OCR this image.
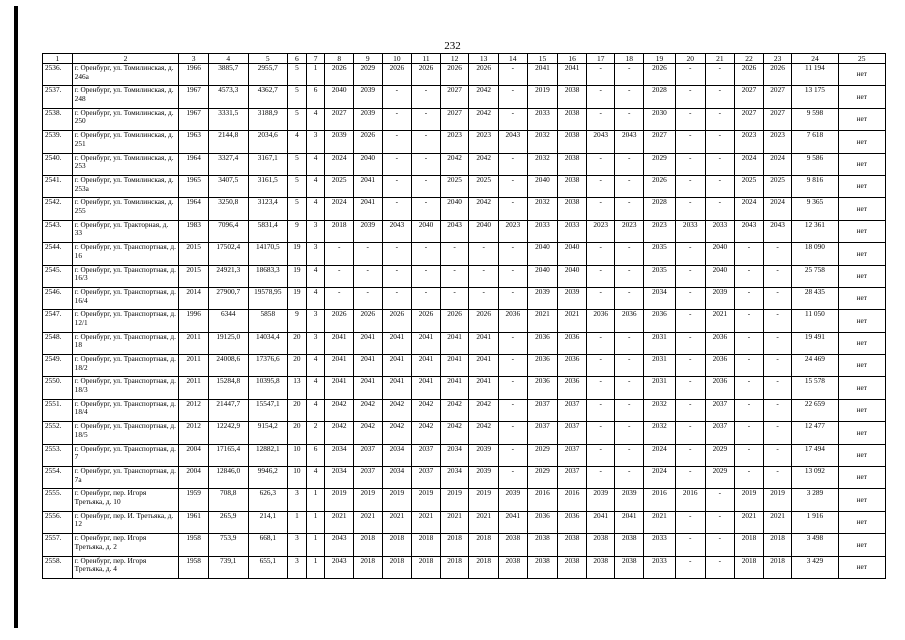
232
1	2	3	4	5	6	7	8	9	10	11	12	13	14	15	16	17	18	19	20	21	22	23	24	25
2536.	г. Оренбург, ул. Томилинская, д. 246а	1966	3885,7	2955,7	5	1	2026	2029	2026	2026	2026	2026	-	2041	2041	-	-	2026	-	-	2026	2026	11 194	нет
2537.	г. Оренбург, ул. Томилинская, д. 248	1967	4573,3	4362,7	5	6	2040	2039	-	-	2027	2042	-	2019	2038	-	-	2028	-	-	2027	2027	13 175	нет
2538.	г. Оренбург, ул. Томилинская, д. 250	1967	3331,5	3188,9	5	4	2027	2039	-	-	2027	2042	-	2033	2038	-	-	2030	-	-	2027	2027	9 598	нет
2539.	г. Оренбург, ул. Томилинская, д. 251	1963	2144,8	2034,6	4	3	2039	2026	-	-	2023	2023	2043	2032	2038	2043	2043	2027	-	-	2023	2023	7 618	нет
2540.	г. Оренбург, ул. Томилинская, д. 253	1964	3327,4	3167,1	5	4	2024	2040	-	-	2042	2042	-	2032	2038	-	-	2029	-	-	2024	2024	9 586	нет
2541.	г. Оренбург, ул. Томилинская, д. 253а	1965	3407,5	3161,5	5	4	2025	2041	-	-	2025	2025	-	2040	2038	-	-	2026	-	-	2025	2025	9 816	нет
2542.	г. Оренбург, ул. Томилинская, д. 255	1964	3250,8	3123,4	5	4	2024	2041	-	-	2040	2042	-	2032	2038	-	-	2028	-	-	2024	2024	9 365	нет
2543.	г. Оренбург, ул. Тракторная, д. 33	1983	7096,4	5831,4	9	3	2018	2039	2043	2040	2043	2040	2023	2033	2033	2023	2023	2023	2033	2033	2043	2043	12 361	нет
2544.	г. Оренбург, ул. Транспортная, д. 16	2015	17502,4	14170,5	19	3	-	-	-	-	-	-	-	2040	2040	-	-	2035	-	2040	-	-	18 090	нет
2545.	г. Оренбург, ул. Транспортная, д. 16/3	2015	24921,3	18683,3	19	4	-	-	-	-	-	-	-	2040	2040	-	-	2035	-	2040	-	-	25 758	нет
2546.	г. Оренбург, ул. Транспортная, д. 16/4	2014	27900,7	19578,95	19	4	-	-	-	-	-	-	-	2039	2039	-	-	2034	-	2039	-	-	28 435	нет
2547.	г. Оренбург, ул. Транспортная, д. 12/1	1996	6344	5858	9	3	2026	2026	2026	2026	2026	2026	2036	2021	2021	2036	2036	2036	-	2021	-	-	11 050	нет
2548.	г. Оренбург, ул. Транспортная, д. 18	2011	19125,0	14034,4	20	3	2041	2041	2041	2041	2041	2041	-	2036	2036	-	-	2031	-	2036	-	-	19 491	нет
2549.	г. Оренбург, ул. Транспортная, д. 18/2	2011	24008,6	17376,6	20	4	2041	2041	2041	2041	2041	2041	-	2036	2036	-	-	2031	-	2036	-	-	24 469	нет
2550.	г. Оренбург, ул. Транспортная, д. 18/3	2011	15284,8	10395,8	13	4	2041	2041	2041	2041	2041	2041	-	2036	2036	-	-	2031	-	2036	-	-	15 578	нет
2551.	г. Оренбург, ул. Транспортная, д. 18/4	2012	21447,7	15547,1	20	4	2042	2042	2042	2042	2042	2042	-	2037	2037	-	-	2032	-	2037	-	-	22 659	нет
2552.	г. Оренбург, ул. Транспортная, д. 18/5	2012	12242,9	9154,2	20	2	2042	2042	2042	2042	2042	2042	-	2037	2037	-	-	2032	-	2037	-	-	12 477	нет
2553.	г. Оренбург, ул. Транспортная, д. 7	2004	17165,4	12882,1	10	6	2034	2037	2034	2037	2034	2039	-	2029	2037	-	-	2024	-	2029	-	-	17 494	нет
2554.	г. Оренбург, ул. Транспортная, д. 7а	2004	12846,0	9946,2	10	4	2034	2037	2034	2037	2034	2039	-	2029	2037	-	-	2024	-	2029	-	-	13 092	нет
2555.	г. Оренбург, пер. Игоря Третьяка, д. 10	1959	708,8	626,3	3	1	2019	2019	2019	2019	2019	2019	2039	2016	2016	2039	2039	2016	2016	-	2019	2019	3 289	нет
2556.	г. Оренбург, пер. И. Третьяка, д. 12	1961	265,9	214,1	1	1	2021	2021	2021	2021	2021	2021	2041	2036	2036	2041	2041	2021	-	-	2021	2021	1 916	нет
2557.	г. Оренбург, пер. Игоря Третьяка, д. 2	1958	753,9	668,1	3	1	2043	2018	2018	2018	2018	2018	2038	2038	2038	2038	2038	2033	-	-	2018	2018	3 498	нет
2558.	г. Оренбург, пер. Игоря Третьяка, д. 4	1958	739,1	655,1	3	1	2043	2018	2018	2018	2018	2018	2038	2038	2038	2038	2038	2033	-	-	2018	2018	3 429	нет
